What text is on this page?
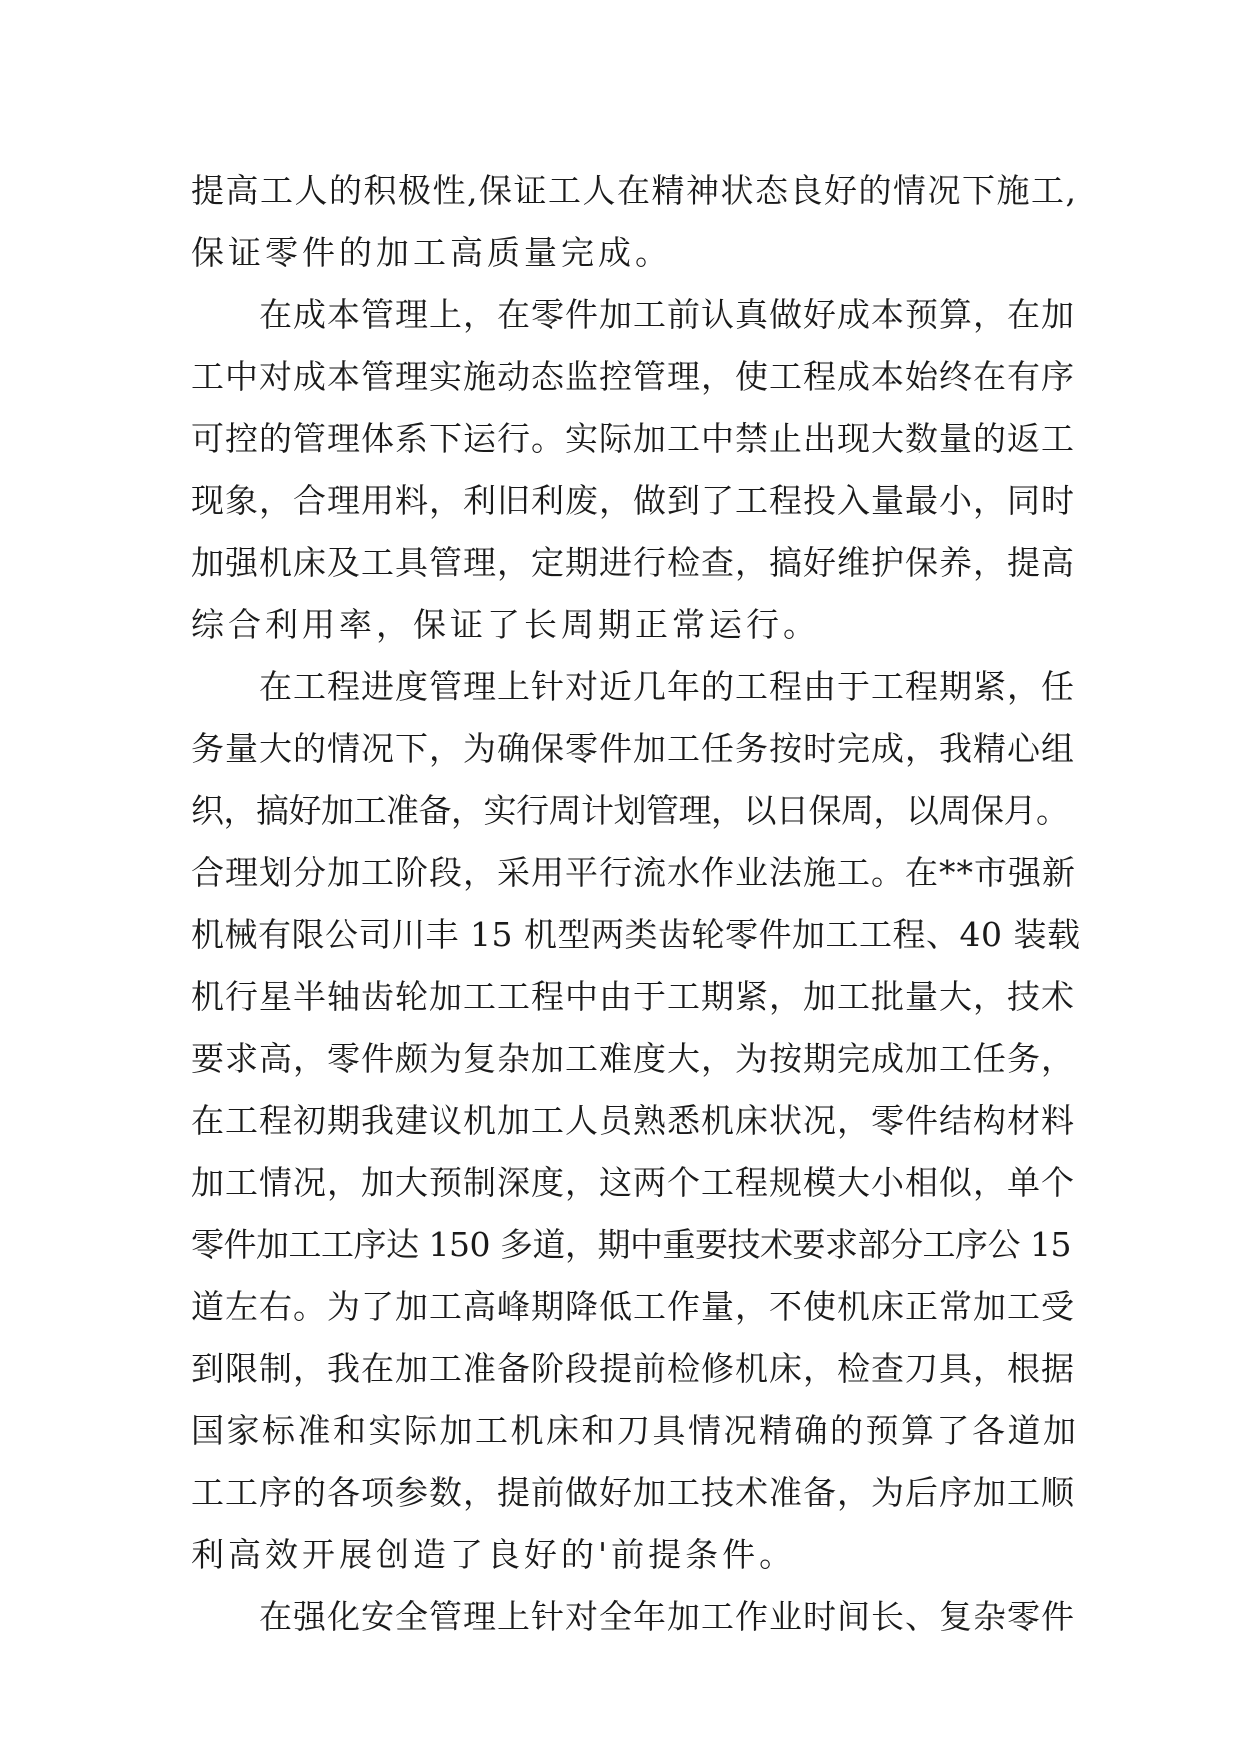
提高工人的积极性,保证工人在精神状态良好的情况下施工,
保证零件的加工高质量完成。
　　在成本管理上，在零件加工前认真做好成本预算，在加
工中对成本管理实施动态监控管理，使工程成本始终在有序
可控的管理体系下运行。实际加工中禁止出现大数量的返工
现象，合理用料，利旧利废，做到了工程投入量最小，同时
加强机床及工具管理，定期进行检查，搞好维护保养，提高
综合利用率，保证了长周期正常运行。
　　在工程进度管理上针对近几年的工程由于工程期紧，任
务量大的情况下，为确保零件加工任务按时完成，我精心组
织，搞好加工准备，实行周计划管理，以日保周，以周保月。
合理划分加工阶段，采用平行流水作业法施工。在**市强新
机械有限公司川丰 15 机型两类齿轮零件加工工程、40 装载
机行星半轴齿轮加工工程中由于工期紧，加工批量大，技术
要求高，零件颇为复杂加工难度大，为按期完成加工任务，
在工程初期我建议机加工人员熟悉机床状况，零件结构材料
加工情况，加大预制深度，这两个工程规模大小相似，单个
零件加工工序达 150 多道，期中重要技术要求部分工序公 15
道左右。为了加工高峰期降低工作量，不使机床正常加工受
到限制，我在加工准备阶段提前检修机床，检查刀具，根据
国家标准和实际加工机床和刀具情况精确的预算了各道加
工工序的各项参数，提前做好加工技术准备，为后序加工顺
利高效开展创造了良好的'前提条件。
　　在强化安全管理上针对全年加工作业时间长、复杂零件
